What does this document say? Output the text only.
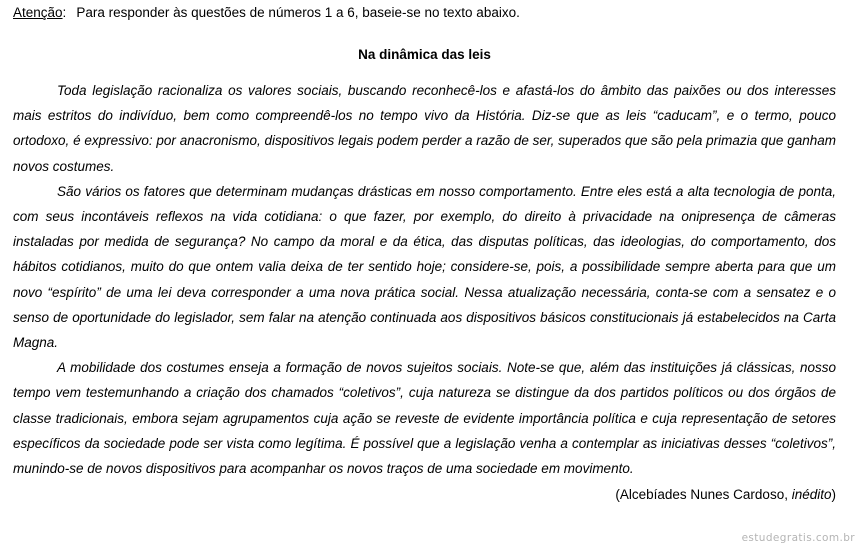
Atenção: Para responder às questões de números 1 a 6, baseie-se no texto abaixo.
Na dinâmica das leis

Toda legislação racionaliza os valores sociais, buscando reconhecê-los e afastá-los do âmbito das paixões ou dos interesses mais estritos do indivíduo, bem como compreendê-los no tempo vivo da História. Diz-se que as leis “caducam”, e o termo, pouco ortodoxo, é expressivo: por anacronismo, dispositivos legais podem perder a razão de ser, superados que são pela primazia que ganham novos costumes.

São vários os fatores que determinam mudanças drásticas em nosso comportamento. Entre eles está a alta tecnologia de ponta, com seus incontáveis reflexos na vida cotidiana: o que fazer, por exemplo, do direito à privacidade na onipresença de câmeras instaladas por medida de segurança? No campo da moral e da ética, das disputas políticas, das ideologias, do comportamento, dos hábitos cotidianos, muito do que ontem valia deixa de ter sentido hoje; considere-se, pois, a possibilidade sempre aberta para que um novo “espírito” de uma lei deva corresponder a uma nova prática social. Nessa atualização necessária, conta-se com a sensatez e o senso de oportunidade do legislador, sem falar na atenção continuada aos dispositivos básicos constitucionais já estabelecidos na Carta Magna.

A mobilidade dos costumes enseja a formação de novos sujeitos sociais. Note-se que, além das instituições já clássicas, nosso tempo vem testemunhando a criação dos chamados “coletivos”, cuja natureza se distingue da dos partidos políticos ou dos órgãos de classe tradicionais, embora sejam agrupamentos cuja ação se reveste de evidente importância política e cuja representação de setores específicos da sociedade pode ser vista como legítima. É possível que a legislação venha a contemplar as iniciativas desses “coletivos”, munindo-se de novos dispositivos para acompanhar os novos traços de uma sociedade em movimento.

(Alcebíades Nunes Cardoso, inédito)
estudegratis.com.br
